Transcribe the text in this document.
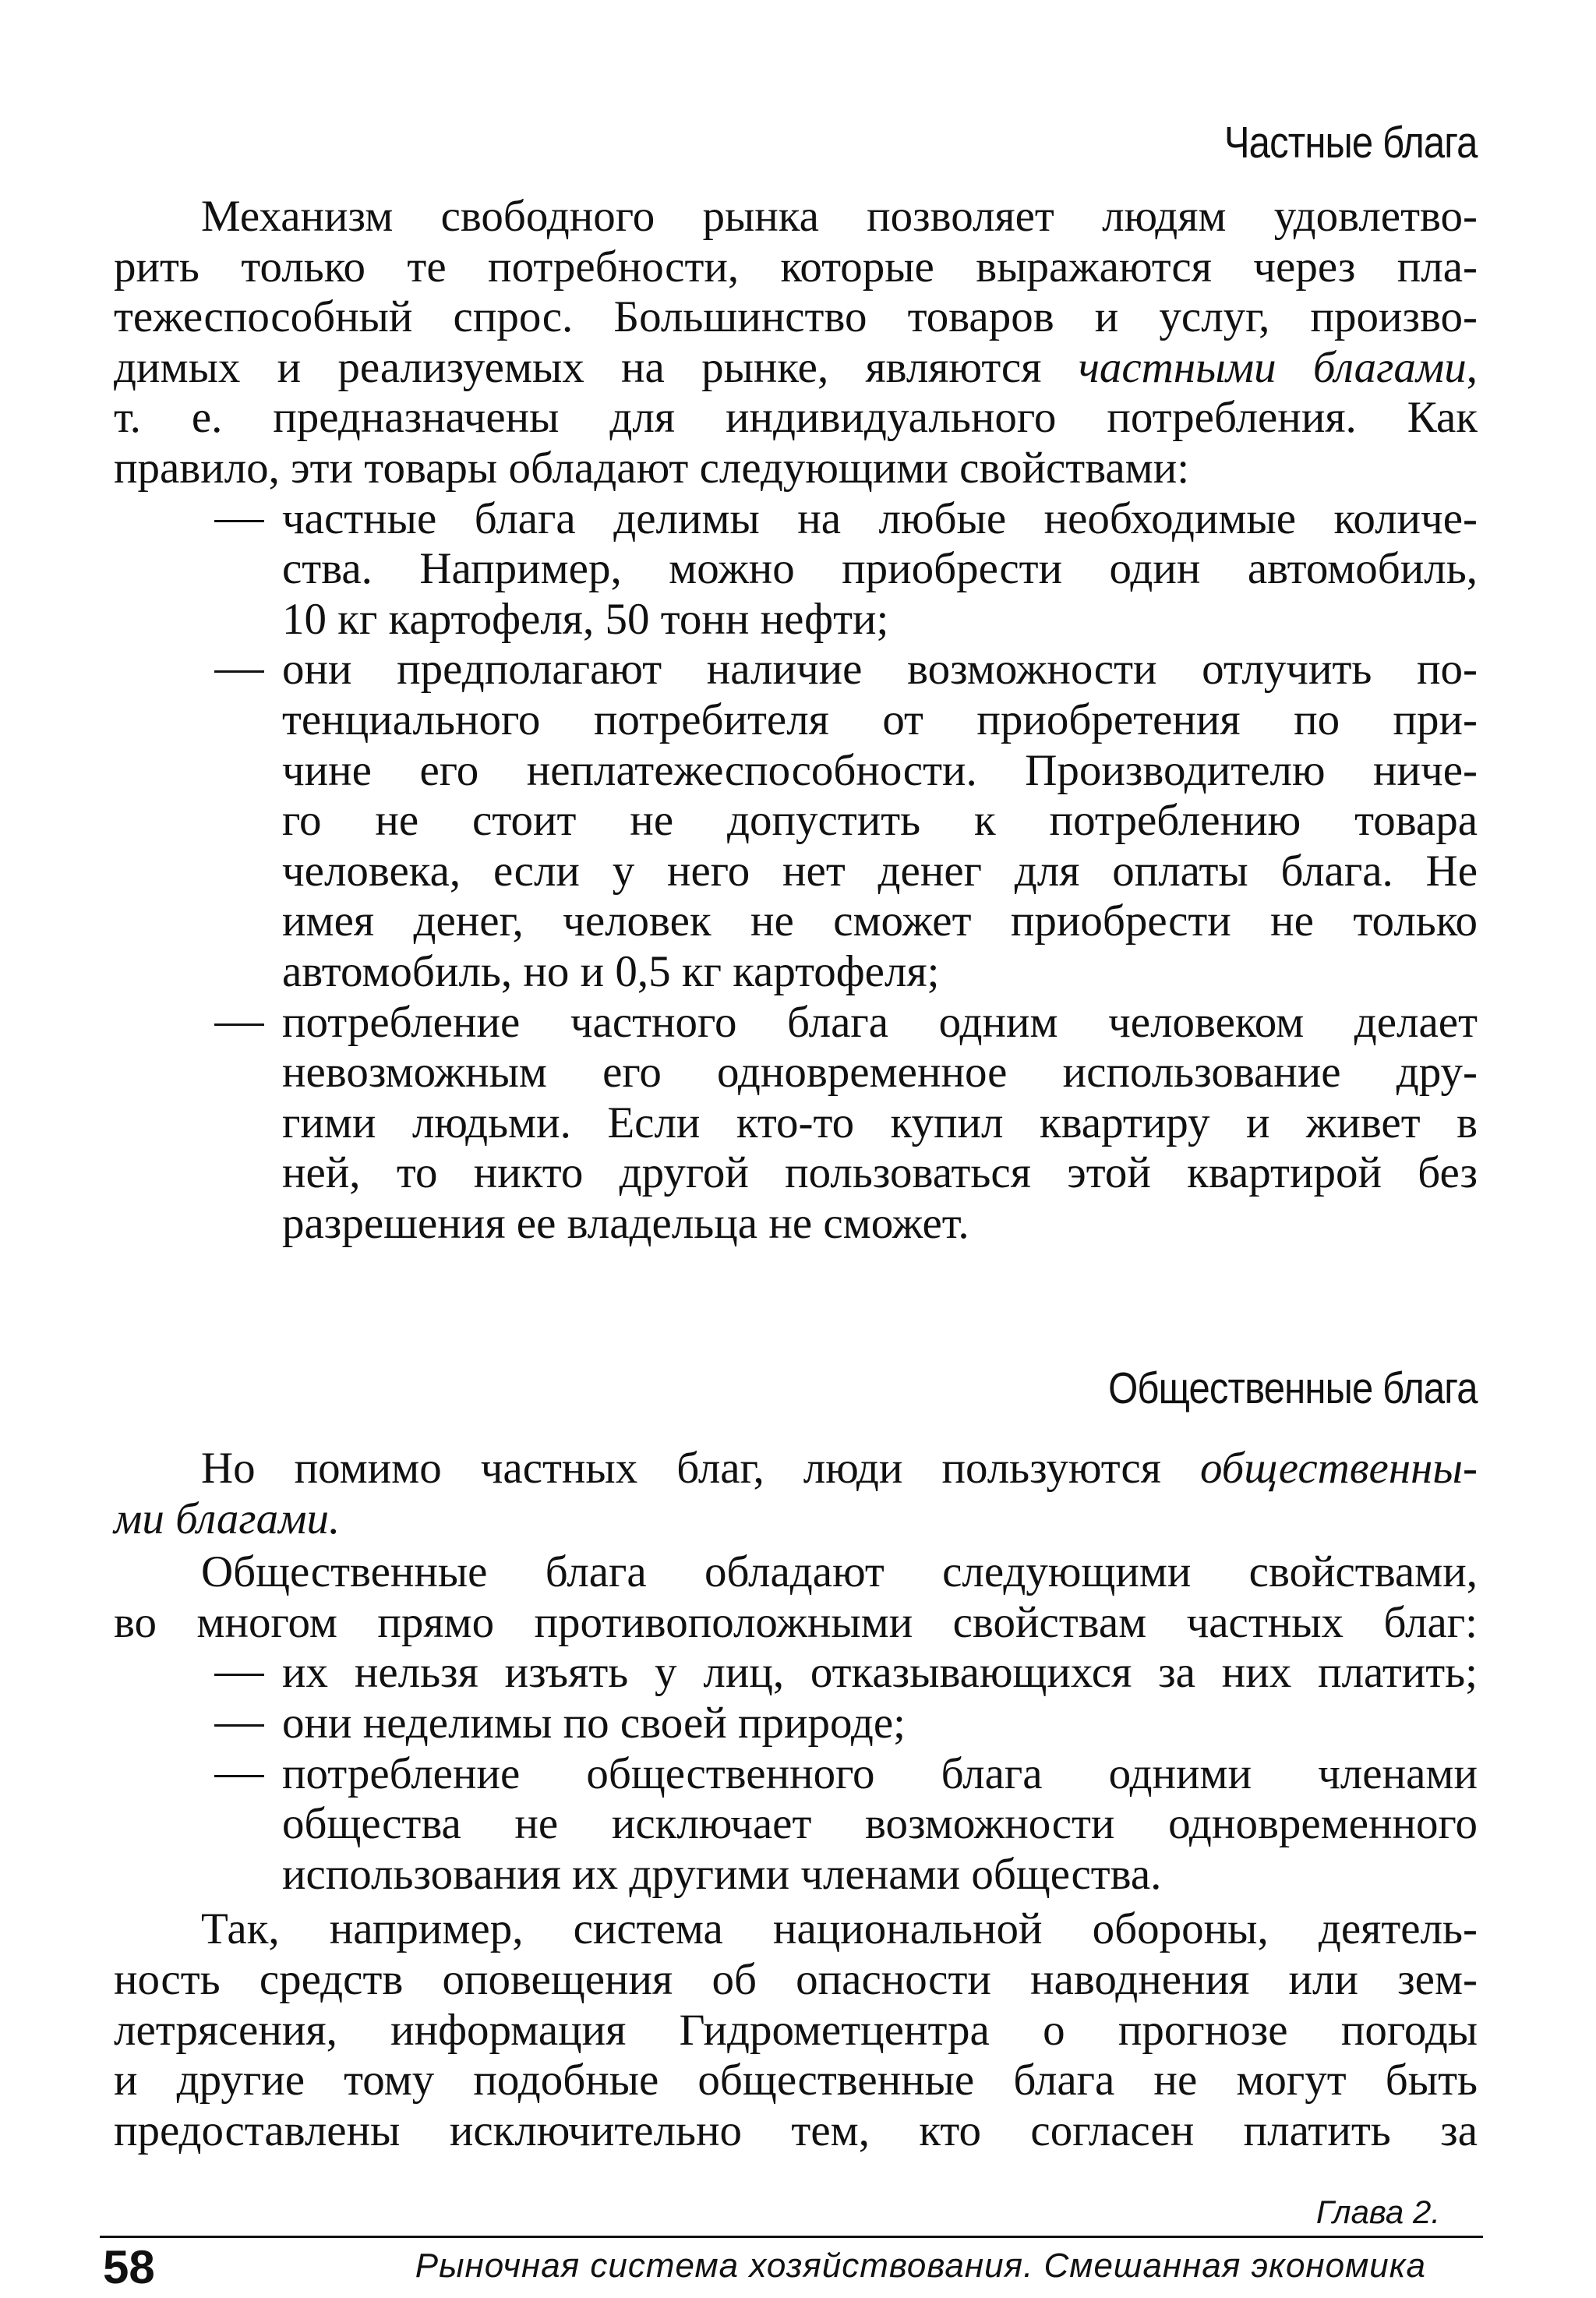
Частные блага
Механизм свободного рынка позволяет людям удовлетво-
рить только те потребности, которые выражаются через пла-
тежеспособный спрос. Большинство товаров и услуг, произво-
димых и реализуемых на рынке, являются частными благами,
т. е. предназначены для индивидуального потребления. Как
правило, эти товары обладают следующими свойствами:
частные блага делимы на любые необходимые количе-
ства. Например, можно приобрести один автомобиль,
10 кг картофеля, 50 тонн нефти;
они предполагают наличие возможности отлучить по-
тенциального потребителя от приобретения по при-
чине его неплатежеспособности. Производителю ниче-
го не стоит не допустить к потреблению товара
человека, если у него нет денег для оплаты блага. Не
имея денег, человек не сможет приобрести не только
автомобиль, но и 0,5 кг картофеля;
потребление частного блага одним человеком делает
невозможным его одновременное использование дру-
гими людьми. Если кто-то купил квартиру и живет в
ней, то никто другой пользоваться этой квартирой без
разрешения ее владельца не сможет.
Но помимо частных благ, люди пользуются общественны-
ми благами.
Общественные блага обладают следующими свойствами,
во многом прямо противоположными свойствам частных благ:
их нельзя изъять у лиц, отказывающихся за них платить;
они неделимы по своей природе;
потребление общественного блага одними членами
общества не исключает возможности одновременного
использования их другими членами общества.
Так, например, система национальной обороны, деятель-
ность средств оповещения об опасности наводнения или зем-
летрясения, информация Гидрометцентра о прогнозе погоды
и другие тому подобные общественные блага не могут быть
предоставлены исключительно тем, кто согласен платить за
Общественные блага
Глава 2.
58	Рыночная система хозяйствования. Смешанная экономика
